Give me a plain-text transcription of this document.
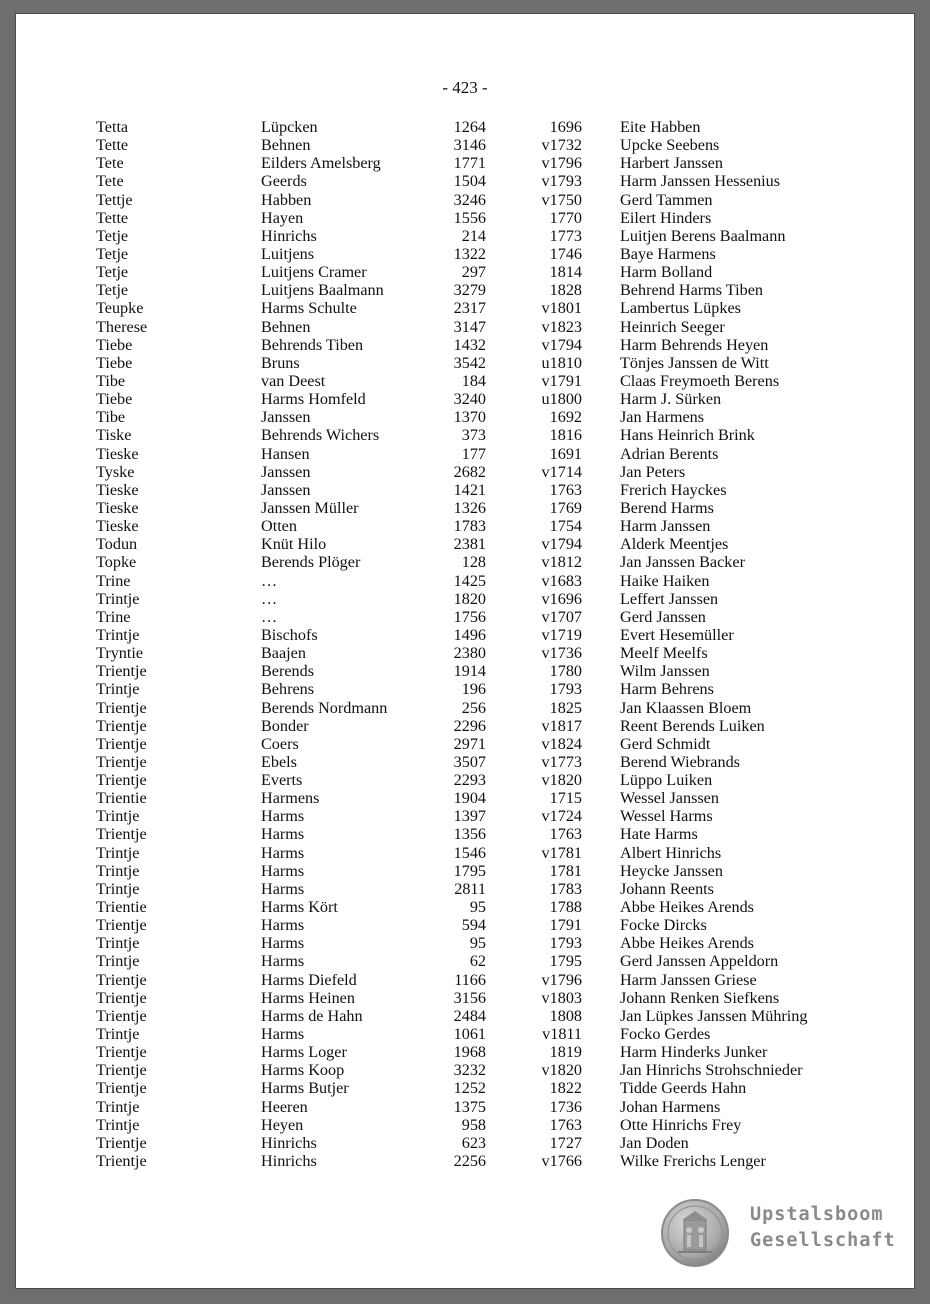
- 423 -
Tetta	Lüpcken	1264	1696 Eite Habben
Tette	Behnen	3146	v1732 Upcke Seebens
Tete	Eilders Amelsberg	1771	v1796 Harbert Janssen
Tete	Geerds	1504	v1793 Harm Janssen Hessenius
Tettje	Habben	3246	v1750 Gerd Tammen
Tette	Hayen	1556	1770 Eilert Hinders
Tetje	Hinrichs	214	1773 Luitjen Berens Baalmann
Tetje	Luitjens	1322	1746 Baye Harmens
Tetje	Luitjens Cramer	297	1814 Harm Bolland
Tetje	Luitjens Baalmann	3279	1828 Behrend Harms Tiben
Teupke	Harms Schulte	2317	v1801 Lambertus Lüpkes
Therese	Behnen	3147	v1823 Heinrich Seeger
Tiebe	Behrends Tiben	1432	v1794 Harm Behrends Heyen
Tiebe	Bruns	3542	u1810 Tönjes Janssen de Witt
Tibe	van Deest	184	v1791 Claas Freymoeth Berens
Tiebe	Harms Homfeld	3240	u1800 Harm J. Sürken
Tibe	Janssen	1370	1692 Jan Harmens
Tiske	Behrends Wichers	373	1816 Hans Heinrich Brink
Tieske	Hansen	177	1691 Adrian Berents
Tyske	Janssen	2682	v1714 Jan Peters
Tieske	Janssen	1421	1763 Frerich Hayckes
Tieske	Janssen Müller	1326	1769 Berend Harms
Tieske	Otten	1783	1754 Harm Janssen
Todun	Knüt Hilo	2381	v1794 Alderk Meentjes
Topke	Berends Plöger	128	v1812 Jan Janssen Backer
Trine	…	1425	v1683 Haike Haiken
Trintje	…	1820	v1696 Leffert Janssen
Trine	…	1756	v1707 Gerd Janssen
Trintje	Bischofs	1496	v1719 Evert Hesemüller
Tryntie	Baajen	2380	v1736 Meelf Meelfs
Trientje	Berends	1914	1780 Wilm Janssen
Trintje	Behrens	196	1793 Harm Behrens
Trientje	Berends Nordmann	256	1825 Jan Klaassen Bloem
Trientje	Bonder	2296	v1817 Reent Berends Luiken
Trientje	Coers	2971	v1824 Gerd Schmidt
Trientje	Ebels	3507	v1773 Berend Wiebrands
Trientje	Everts	2293	v1820 Lüppo Luiken
Trientie	Harmens	1904	1715 Wessel Janssen
Trintje	Harms	1397	v1724 Wessel Harms
Trientje	Harms	1356	1763 Hate Harms
Trintje	Harms	1546	v1781 Albert Hinrichs
Trintje	Harms	1795	1781 Heycke Janssen
Trintje	Harms	2811	1783 Johann Reents
Trientie	Harms Kört	95	1788 Abbe Heikes Arends
Trientje	Harms	594	1791 Focke Dircks
Trintje	Harms	95	1793 Abbe Heikes Arends
Trintje	Harms	62	1795 Gerd Janssen Appeldorn
Trientje	Harms Diefeld	1166	v1796 Harm Janssen Griese
Trientje	Harms Heinen	3156	v1803 Johann Renken Siefkens
Trientje	Harms de Hahn	2484	1808 Jan Lüpkes Janssen Mühring
Trintje	Harms	1061	v1811 Focko Gerdes
Trientje	Harms Loger	1968	1819 Harm Hinderks Junker
Trientje	Harms Koop	3232	v1820 Jan Hinrichs Strohschnieder
Trientje	Harms Butjer	1252	1822 Tidde Geerds Hahn
Trintje	Heeren	1375	1736 Johan Harmens
Trintje	Heyen	958	1763 Otte Hinrichs Frey
Trientje	Hinrichs	623	1727 Jan Doden
Trientje	Hinrichs	2256	v1766 Wilke Frerichs Lenger
Upstalsboom
Gesellschaft
